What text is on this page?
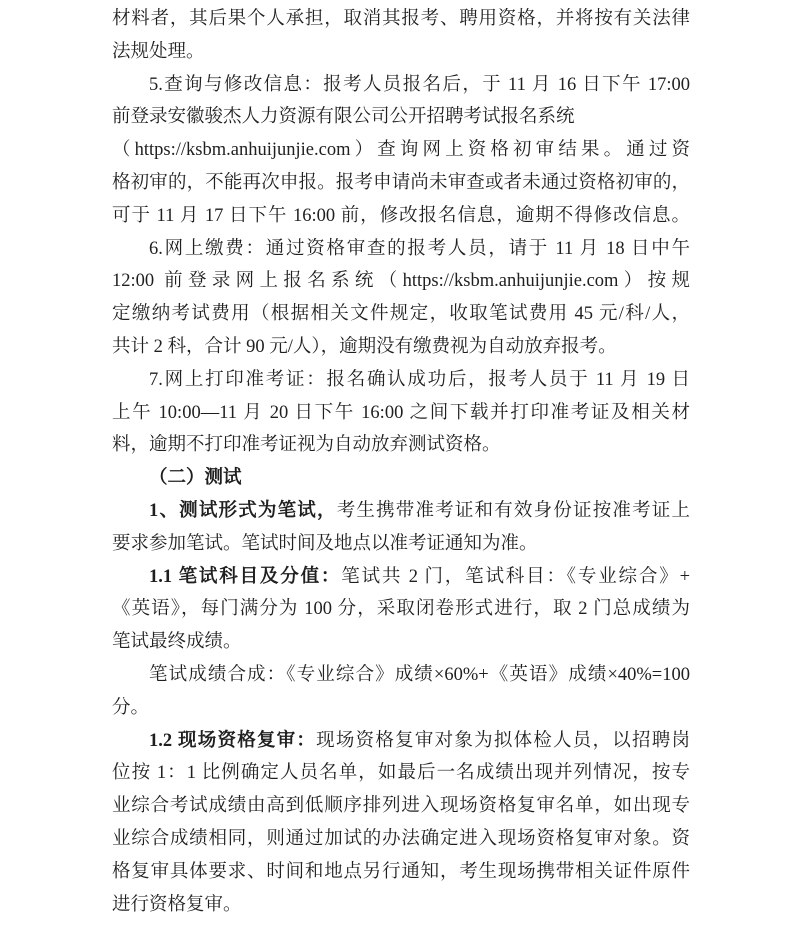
材料者，其后果个人承担，取消其报考、聘用资格，并将按有关法律
法规处理。
5.查询与修改信息：报考人员报名后，于 11 月 16 日下午 17:00
前登录安徽骏杰人力资源有限公司公开招聘考试报名系统
（https://ksbm.anhuijunjie.com）查询网上资格初审结果。通过资
格初审的，不能再次申报。报考申请尚未审查或者未通过资格初审的，
可于 11 月 17 日下午 16:00 前，修改报名信息，逾期不得修改信息。
6.网上缴费：通过资格审查的报考人员，请于 11 月 18 日中午
12:00 前登录网上报名系统（https://ksbm.anhuijunjie.com）按规
定缴纳考试费用（根据相关文件规定，收取笔试费用 45 元/科/人，
共计 2 科，合计 90 元/人），逾期没有缴费视为自动放弃报考。
7.网上打印准考证：报名确认成功后，报考人员于 11 月 19 日
上午 10:00—11 月 20 日下午 16:00 之间下载并打印准考证及相关材
料，逾期不打印准考证视为自动放弃测试资格。
（二）测试
1、测试形式为笔试，考生携带准考证和有效身份证按准考证上
要求参加笔试。笔试时间及地点以准考证通知为准。
1.1 笔试科目及分值：笔试共 2 门，笔试科目：《专业综合》+
《英语》，每门满分为 100 分，采取闭卷形式进行，取 2 门总成绩为
笔试最终成绩。
笔试成绩合成：《专业综合》成绩×60%+《英语》成绩×40%=100
分。
1.2 现场资格复审：现场资格复审对象为拟体检人员，以招聘岗
位按 1：1 比例确定人员名单，如最后一名成绩出现并列情况，按专
业综合考试成绩由高到低顺序排列进入现场资格复审名单，如出现专
业综合成绩相同，则通过加试的办法确定进入现场资格复审对象。资
格复审具体要求、时间和地点另行通知，考生现场携带相关证件原件
进行资格复审。
